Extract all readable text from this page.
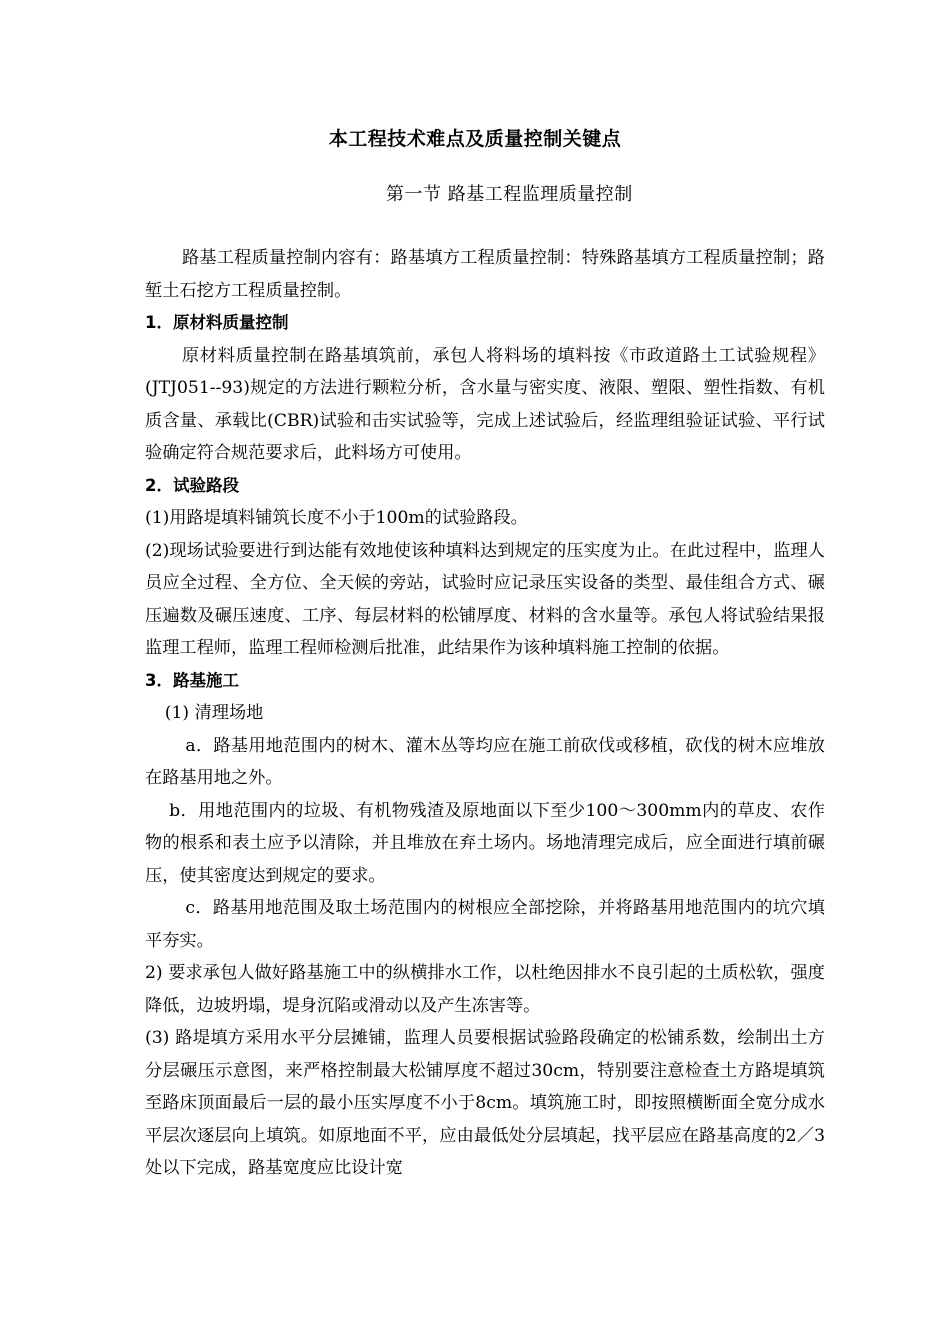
本工程技术难点及质量控制关键点
第一节 路基工程监理质量控制

路基工程质量控制内容有：路基填方工程质量控制：特殊路基填方工程质量控制；路堑土石挖方工程质量控制。

1．原材料质量控制

原材料质量控制在路基填筑前，承包人将料场的填料按《市政道路土工试验规程》(JTJ051--93)规定的方法进行颗粒分析，含水量与密实度、液限、塑限、塑性指数、有机质含量、承载比(CBR)试验和击实试验等，完成上述试验后，经监理组验证试验、平行试验确定符合规范要求后，此料场方可使用。

2．试验路段

(1)用路堤填料铺筑长度不小于100m的试验路段。

(2)现场试验要进行到达能有效地使该种填料达到规定的压实度为止。在此过程中，监理人员应全过程、全方位、全天候的旁站，试验时应记录压实设备的类型、最佳组合方式、碾压遍数及碾压速度、工序、每层材料的松铺厚度、材料的含水量等。承包人将试验结果报监理工程师，监理工程师检测后批准，此结果作为该种填料施工控制的依据。

3．路基施工

(1) 清理场地

a．路基用地范围内的树木、灌木丛等均应在施工前砍伐或移植，砍伐的树木应堆放在路基用地之外。

b．用地范围内的垃圾、有机物残渣及原地面以下至少100～300mm内的草皮、农作物的根系和表土应予以清除，并且堆放在弃土场内。场地清理完成后，应全面进行填前碾压，使其密度达到规定的要求。

c．路基用地范围及取土场范围内的树根应全部挖除，并将路基用地范围内的坑穴填平夯实。

2) 要求承包人做好路基施工中的纵横排水工作，以杜绝因排水不良引起的土质松软，强度降低，边坡坍塌，堤身沉陷或滑动以及产生冻害等。

(3) 路堤填方采用水平分层摊铺，监理人员要根据试验路段确定的松铺系数，绘制出土方分层碾压示意图，来严格控制最大松铺厚度不超过30cm，特别要注意检查土方路堤填筑至路床顶面最后一层的最小压实厚度不小于8cm。填筑施工时，即按照横断面全宽分成水平层次逐层向上填筑。如原地面不平，应由最低处分层填起，找平层应在路基高度的2／3处以下完成，路基宽度应比设计宽
